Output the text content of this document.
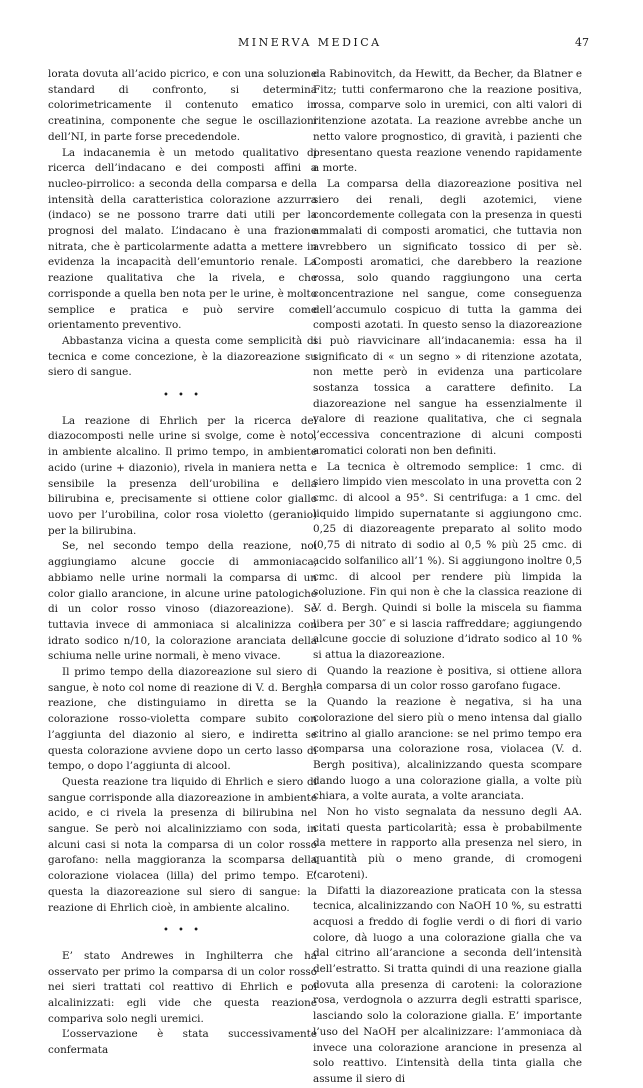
MINERVA MEDICA	47

lorata dovuta all’acido picrico, e con una soluzione standard di confronto, si determina colorimetricamente il contenuto ematico in creatinina, componente che segue le oscillazioni dell’NI, in parte forse precedendole.

La indacanemia è un metodo qualitativo di ricerca dell’indacano e dei composti affini a nucleo-pirrolico: a seconda della comparsa e della intensità della caratteristica colorazione azzurra (indaco) se ne possono trarre dati utili per la prognosi del malato. L’indacano è una frazione nitrata, che è particolarmente adatta a mettere in evidenza la incapacità dell’emuntorio renale. La reazione qualitativa che la rivela, e che corrisponde a quella ben nota per le urine, è molto semplice e pratica e può servire come orientamento preventivo.

Abbastanza vicina a questa come semplicità di tecnica e come concezione, è la diazoreazione su siero di sangue.

• • •

La reazione di Ehrlich per la ricerca dei diazocomposti nelle urine si svolge, come è noto, in ambiente alcalino. Il primo tempo, in ambiente acido (urine + diazonio), rivela in maniera netta e sensibile la presenza dell’urobilina e della bilirubina e, precisamente si ottiene color giallo uovo per l’urobilina, color rosa violetto (geranio) per la bilirubina.

Se, nel secondo tempo della reazione, noi aggiungiamo alcune goccie di ammoniaca, abbiamo nelle urine normali la comparsa di un color giallo arancione, in alcune urine patologiche di un color rosso vinoso (diazoreazione). Se tuttavia invece di ammoniaca si alcalinizza con idrato sodico n/10, la colorazione aranciata della schiuma nelle urine normali, è meno vivace.

Il primo tempo della diazoreazione sul siero di sangue, è noto col nome di reazione di V. d. Bergh: reazione, che distinguiamo in diretta se la colorazione rosso-violetta compare subito con l’aggiunta del diazonio al siero, e indiretta se questa colorazione avviene dopo un certo lasso di tempo, o dopo l’aggiunta di alcool.

Questa reazione tra liquido di Ehrlich e siero di sangue corrisponde alla diazoreazione in ambiente acido, e ci rivela la presenza di bilirubina nel sangue. Se però noi alcalinizziamo con soda, in alcuni casi si nota la comparsa di un color rosso garofano: nella maggioranza la scomparsa della colorazione violacea (lilla) del primo tempo. E’ questa la diazoreazione sul siero di sangue: la reazione di Ehrlich cioè, in ambiente alcalino.

• • •

E’ stato Andrewes in Inghilterra che ha osservato per primo la comparsa di un color rosso nei sieri trattati col reattivo di Ehrlich e poi alcalinizzati: egli vide che questa reazione compariva solo negli uremici.

L’osservazione è stata successivamente confermata

da Rabinovitch, da Hewitt, da Becher, da Blatner e Fitz; tutti confermarono che la reazione positiva, rossa, comparve solo in uremici, con alti valori di ritenzione azotata. La reazione avrebbe anche un netto valore prognostico, di gravità, i pazienti che presentano questa reazione venendo rapidamente a morte.

La comparsa della diazoreazione positiva nel siero dei renali, degli azotemici, viene concordemente collegata con la presenza in questi ammalati di composti aromatici, che tuttavia non avrebbero un significato tossico di per sè. Composti aromatici, che darebbero la reazione rossa, solo quando raggiungono una certa concentrazione nel sangue, come conseguenza dell’accumulo cospicuo di tutta la gamma dei composti azotati. In questo senso la diazoreazione si può riavvicinare all’indacanemia: essa ha il significato di « un segno » di ritenzione azotata, non mette però in evidenza una particolare sostanza tossica a carattere definito. La diazoreazione nel sangue ha essenzialmente il valore di reazione qualitativa, che ci segnala l’eccessiva concentrazione di alcuni composti aromatici colorati non ben definiti.

La tecnica è oltremodo semplice: 1 cmc. di siero limpido vien mescolato in una provetta con 2 cmc. di alcool a 95°. Si centrifuga: a 1 cmc. del liquido limpido supernatante si aggiungono cmc. 0,25 di diazoreagente preparato al solito modo (0,75 di nitrato di sodio al 0,5 % più 25 cmc. di acido solfanilico all’1 %). Si aggiungono inoltre 0,5 cmc. di alcool per rendere più limpida la soluzione. Fin qui non è che la classica reazione di V. d. Bergh. Quindi si bolle la miscela su fiamma libera per 30″ e si lascia raffreddare; aggiungendo alcune goccie di soluzione d’idrato sodico al 10 % si attua la diazoreazione.

Quando la reazione è positiva, si ottiene allora la comparsa di un color rosso garofano fugace.

Quando la reazione è negativa, si ha una colorazione del siero più o meno intensa dal giallo citrino al giallo arancione: se nel primo tempo era comparsa una colorazione rosa, violacea (V. d. Bergh positiva), alcalinizzando questa scompare dando luogo a una colorazione gialla, a volte più chiara, a volte aurata, a volte aranciata.

Non ho visto segnalata da nessuno degli AA. citati questa particolarità; essa è probabilmente da mettere in rapporto alla presenza nel siero, in quantità più o meno grande, di cromogeni (caroteni).

Difatti la diazoreazione praticata con la stessa tecnica, alcalinizzando con NaOH 10 %, su estratti acquosi a freddo di foglie verdi o di fiori di vario colore, dà luogo a una colorazione gialla che va dal citrino all’arancione a seconda dell’intensità dell’estratto. Si tratta quindi di una reazione gialla dovuta alla presenza di caroteni: la colorazione rosa, verdognola o azzurra degli estratti sparisce, lasciando solo la colorazione gialla. E’ importante l’uso del NaOH per alcalinizzare: l’ammoniaca dà invece una colorazione arancione in presenza al solo reattivo. L’intensità della tinta gialla che assume il siero di
